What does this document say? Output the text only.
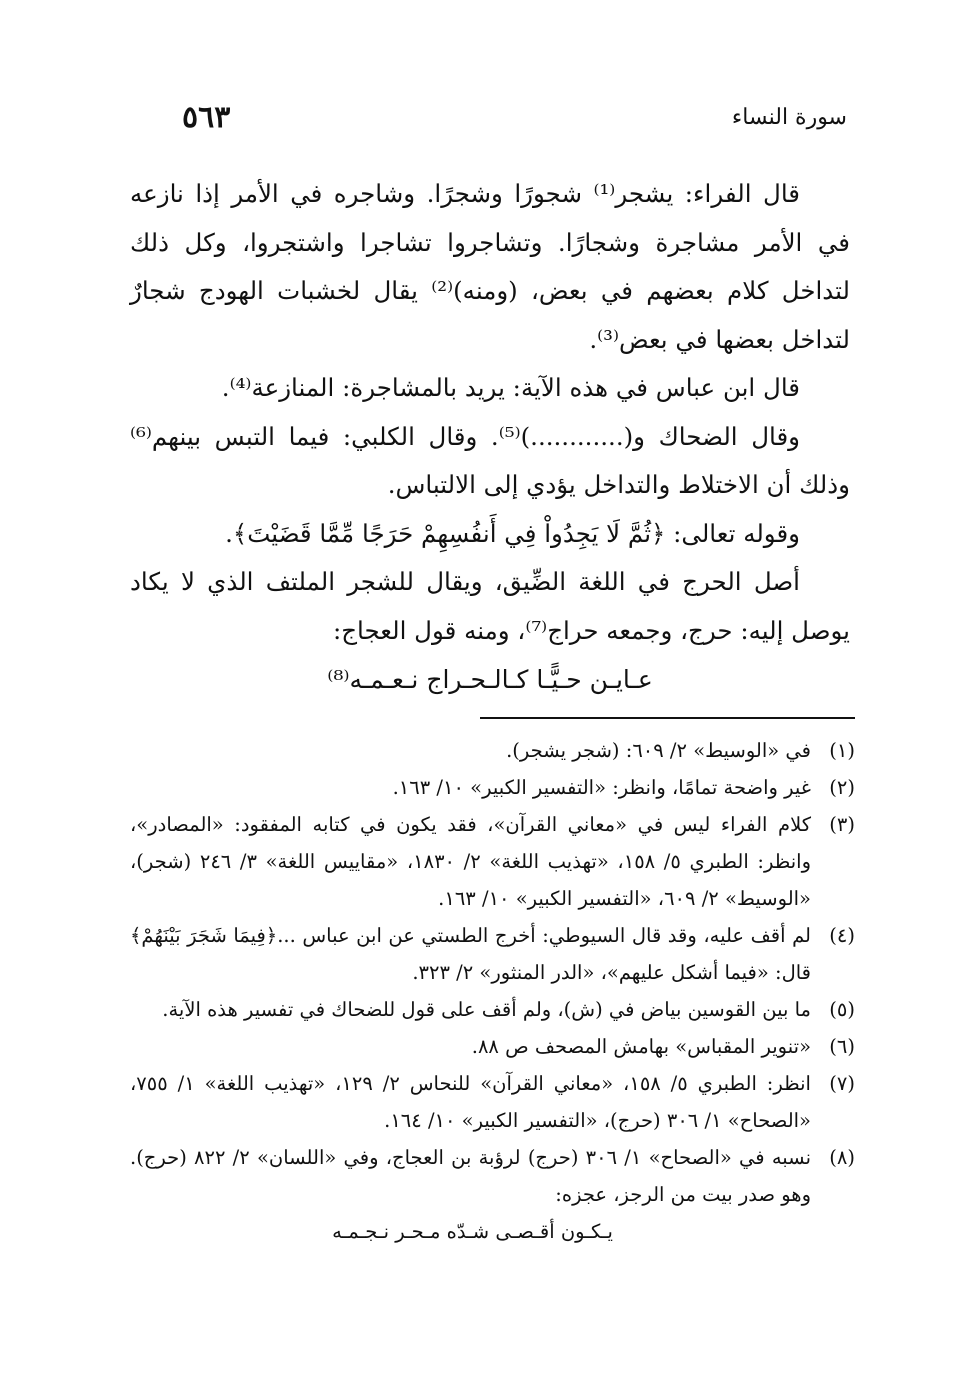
سورة النساء
٥٦٣

قال الفراء: يشجر⁽¹⁾ شجورًا وشجرًا. وشاجره في الأمر إذا نازعه في الأمر مشاجرة وشجارًا. وتشاجروا تشاجرا واشتجروا، وكل ذلك لتداخل كلام بعضهم في بعض، (ومنه)⁽²⁾ يقال لخشبات الهودج شجارٌ لتداخل بعضها في بعض⁽³⁾.

قال ابن عباس في هذه الآية: يريد بالمشاجرة: المنازعة⁽⁴⁾.

وقال الضحاك و(............)⁽⁵⁾. وقال الكلبي: فيما التبس بينهم⁽⁶⁾ وذلك أن الاختلاط والتداخل يؤدي إلى الالتباس.

وقوله تعالى: ﴿ثُمَّ لَا يَجِدُواْ فِي أَنفُسِهِمْ حَرَجًا مِّمَّا قَضَيْتَ﴾.

أصل الحرج في اللغة الضِّيق، ويقال للشجر الملتف الذي لا يكاد يوصل إليه: حرج، وجمعه حراج⁽⁷⁾، ومنه قول العجاج:

عـايـن حـيًّـا كـالـحـراج نـعـمـه⁽⁸⁾
(١)
في «الوسيط» ٢/ ٦٠٩: (شجر يشجر).
(٢)
غير واضحة تمامًا، وانظر: «التفسير الكبير» ١٠/ ١٦٣.
(٣)
كلام الفراء ليس في «معاني القرآن»، فقد يكون في كتابه المفقود: «المصادر»، وانظر: الطبري ٥/ ١٥٨، «تهذيب اللغة» ٢/ ١٨٣٠، «مقاييس اللغة» ٣/ ٢٤٦ (شجر)، «الوسيط» ٢/ ٦٠٩، «التفسير الكبير» ١٠/ ١٦٣.
(٤)
لم أقف عليه، وقد قال السيوطي: أخرج الطستي عن ابن عباس ...﴿فِيمَا شَجَرَ بَيْنَهُمْ﴾ قال: «فيما أشكل عليهم»، «الدر المنثور» ٢/ ٣٢٣.
(٥)
ما بين القوسين بياض في (ش)، ولم أقف على قول للضحاك في تفسير هذه الآية.
(٦)
«تنوير المقباس» بهامش المصحف ص ٨٨.
(٧)
انظر: الطبري ٥/ ١٥٨، «معاني القرآن» للنحاس ٢/ ١٢٩، «تهذيب اللغة» ١/ ٧٥٥، «الصحاح» ١/ ٣٠٦ (حرج)، «التفسير الكبير» ١٠/ ١٦٤.
(٨)
نسبه في «الصحاح» ١/ ٣٠٦ (حرج) لرؤبة بن العجاج، وفي «اللسان» ٢/ ٨٢٢ (حرج). وهو صدر بيت من الرجز، عجزه:
يـكـون أقـصـى شـدّه مـحـر نـجـمـه
